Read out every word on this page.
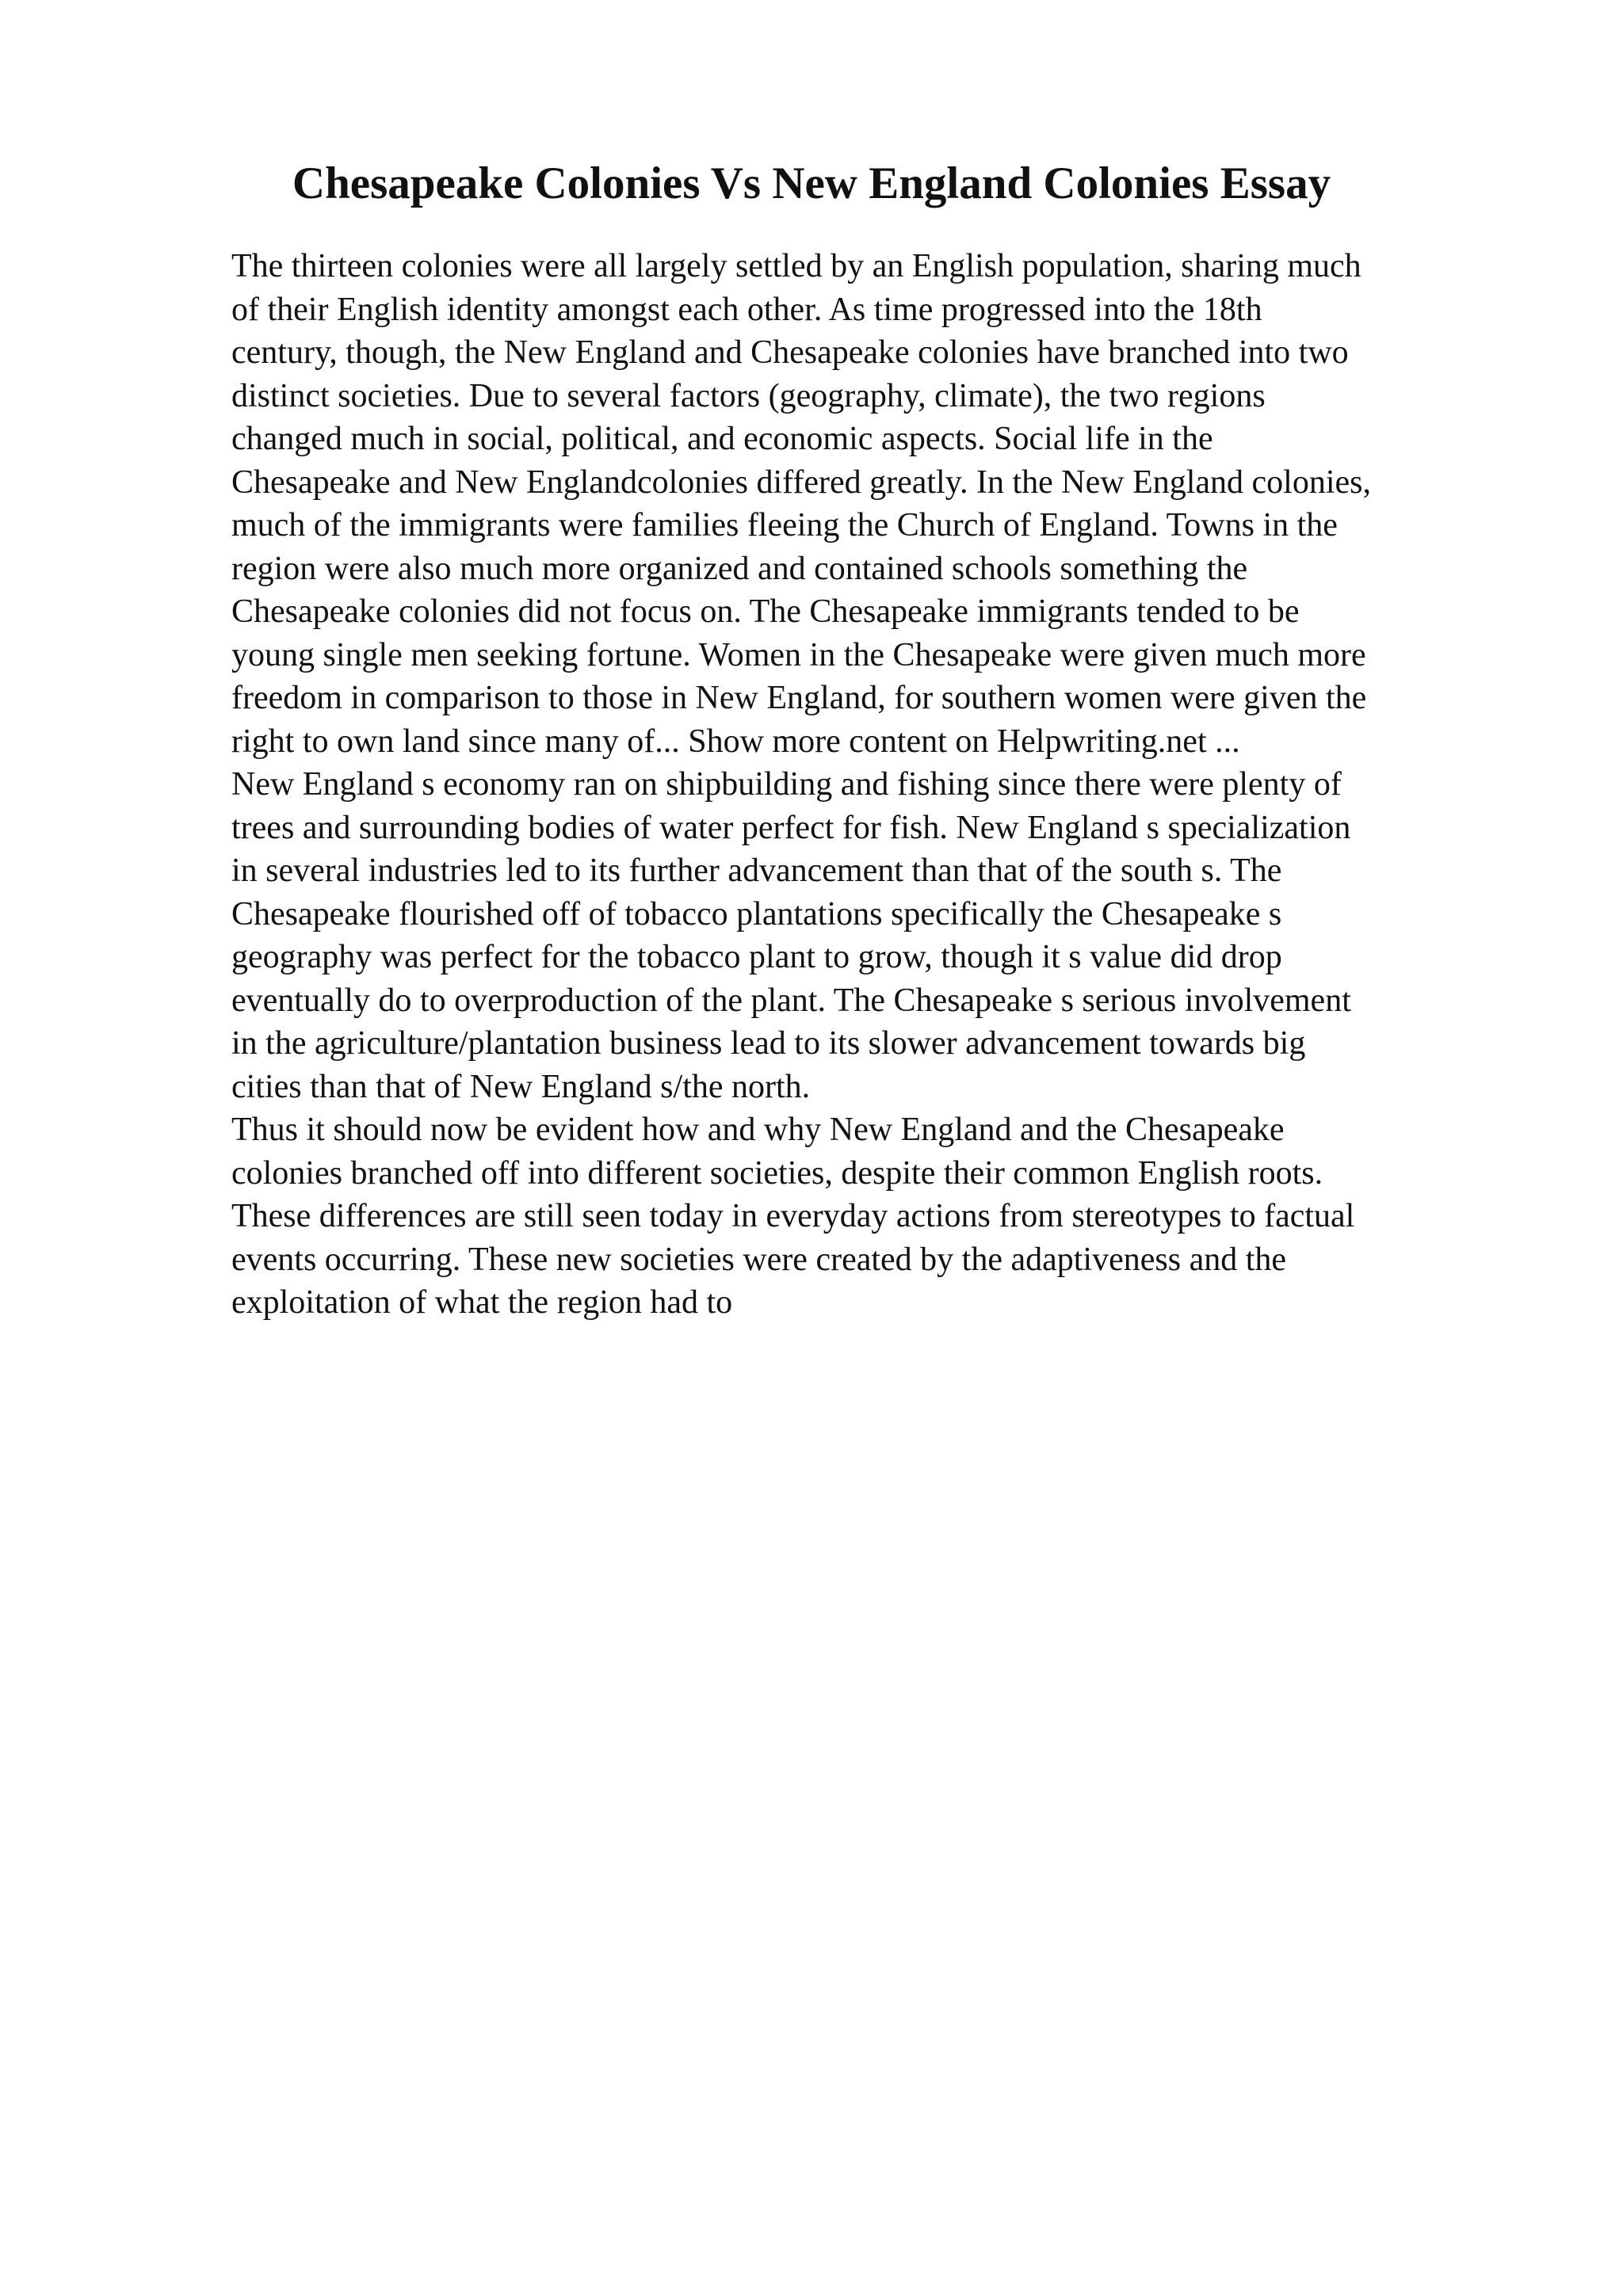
Chesapeake Colonies Vs New England Colonies Essay
The thirteen colonies were all largely settled by an English population, sharing much
of their English identity amongst each other. As time progressed into the 18th
century, though, the New England and Chesapeake colonies have branched into two
distinct societies. Due to several factors (geography, climate), the two regions
changed much in social, political, and economic aspects. Social life in the
Chesapeake and New Englandcolonies differed greatly. In the New England colonies,
much of the immigrants were families fleeing the Church of England. Towns in the
region were also much more organized and contained schools something the
Chesapeake colonies did not focus on. The Chesapeake immigrants tended to be
young single men seeking fortune. Women in the Chesapeake were given much more
freedom in comparison to those in New England, for southern women were given the
right to own land since many of... Show more content on Helpwriting.net ...
New England s economy ran on shipbuilding and fishing since there were plenty of
trees and surrounding bodies of water perfect for fish. New England s specialization
in several industries led to its further advancement than that of the south s. The
Chesapeake flourished off of tobacco plantations specifically the Chesapeake s
geography was perfect for the tobacco plant to grow, though it s value did drop
eventually do to overproduction of the plant. The Chesapeake s serious involvement
in the agriculture/plantation business lead to its slower advancement towards big
cities than that of New England s/the north.
Thus it should now be evident how and why New England and the Chesapeake
colonies branched off into different societies, despite their common English roots.
These differences are still seen today in everyday actions from stereotypes to factual
events occurring. These new societies were created by the adaptiveness and the
exploitation of what the region had to
